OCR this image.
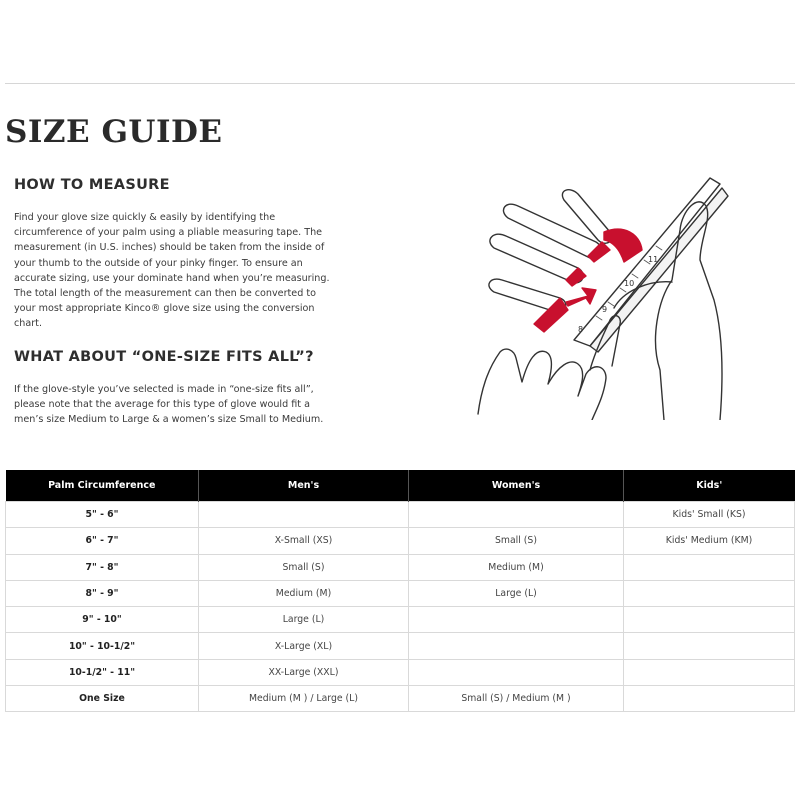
SIZE GUIDE
HOW TO MEASURE

Find your glove size quickly & easily by identifying the circumference of your palm using a pliable measuring tape. The measurement (in U.S. inches) should be taken from the inside of your thumb to the outside of your pinky finger. To ensure an accurate sizing, use your dominate hand when you’re measuring. The total length of the measurement can then be converted to your most appropriate Kinco® glove size using the conversion chart.

WHAT ABOUT “ONE-SIZE FITS ALL”?

If the glove-style you’ve selected is made in “one-size fits all”, please note that the average for this type of glove would fit a men’s size Medium to Large & a women’s size Small to Medium.

8
9
10
11
Palm Circumference	Men's	Women's	Kids'
5" - 6"			Kids' Small (KS)
6" - 7"	X-Small (XS)	Small (S)	Kids' Medium (KM)
7" - 8"	Small (S)	Medium (M)	
8" - 9"	Medium (M)	Large (L)	
9" - 10"	Large (L)		
10" - 10-1/2"	X-Large (XL)		
10-1/2" - 11"	XX-Large (XXL)		
One Size	Medium (M ) / Large (L)	Small (S) / Medium (M )	
